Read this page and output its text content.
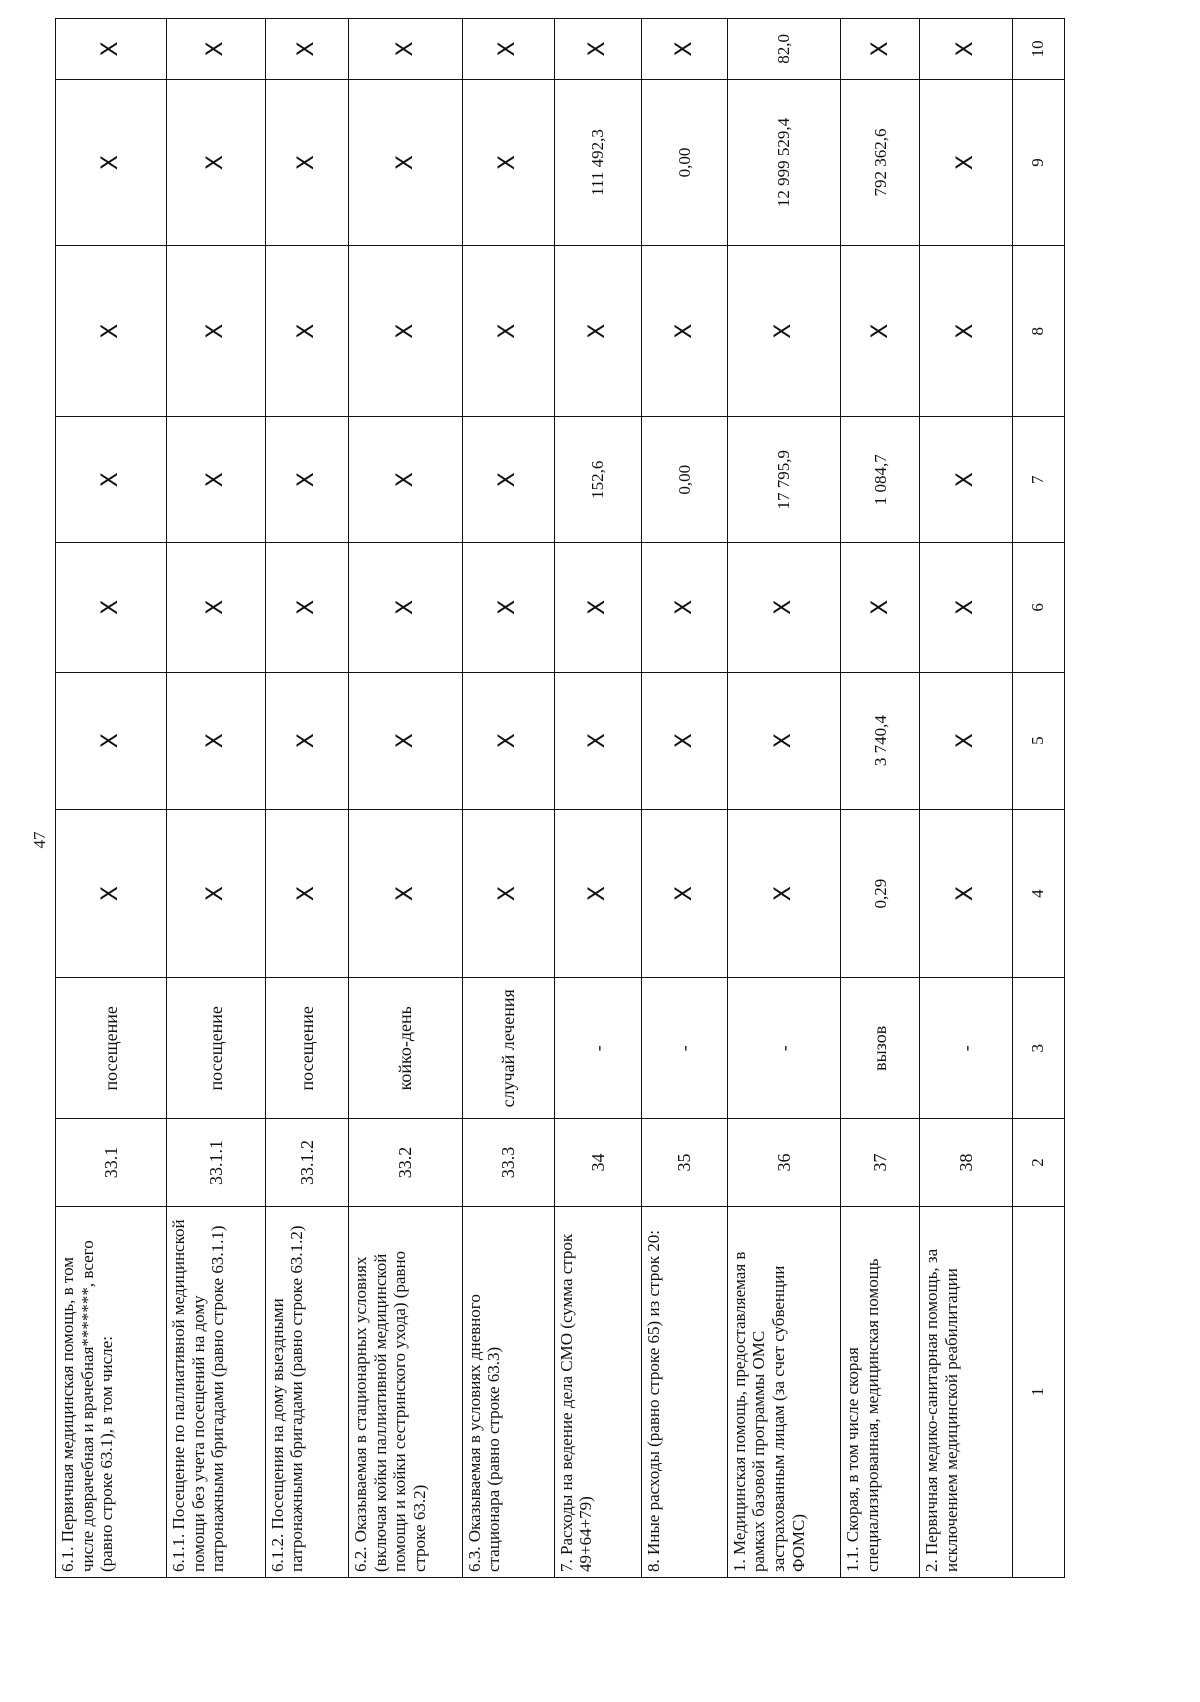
47
6.1. Первичная медицинская помощь, в том числе доврачебная и врачебная*******, всего (равно строке 63.1), в том числе:	33.1	посещение	X	X	X	X	X	X	X
6.1.1. Посещение по паллиативной медицинской помощи без учета посещений на дому патронажными бригадами (равно строке 63.1.1)	33.1.1	посещение	X	X	X	X	X	X	X
6.1.2. Посещения на дому выездными патронажными бригадами (равно строке 63.1.2)	33.1.2	посещение	X	X	X	X	X	X	X
6.2. Оказываемая в стационарных условиях (включая койки паллиативной медицинской помощи и койки сестринского ухода) (равно строке 63.2)	33.2	койко-день	X	X	X	X	X	X	X
6.3. Оказываемая в условиях дневного стационара (равно строке 63.3)	33.3	случай лечения	X	X	X	X	X	X	X
7. Расходы на ведение дела СМО (сумма строк 49+64+79)	34	-	X	X	X	152,6	X	111 492,3	X
8. Иные расходы (равно строке 65) из строк 20:	35	-	X	X	X	0,00	X	0,00	X
1. Медицинская помощь, предоставляемая в рамках базовой программы ОМС застрахованным лицам (за счет субвенции ФОМС)	36	-	X	X	X	17 795,9	X	12 999 529,4	82,0
1.1. Скорая, в том числе скорая специализированная, медицинская помощь	37	вызов	0,29	3 740,4	X	1 084,7	X	792 362,6	X
2. Первичная медико-санитарная помощь, за исключением медицинской реабилитации	38	-	X	X	X	X	X	X	X
1	2	3	4	5	6	7	8	9	10
